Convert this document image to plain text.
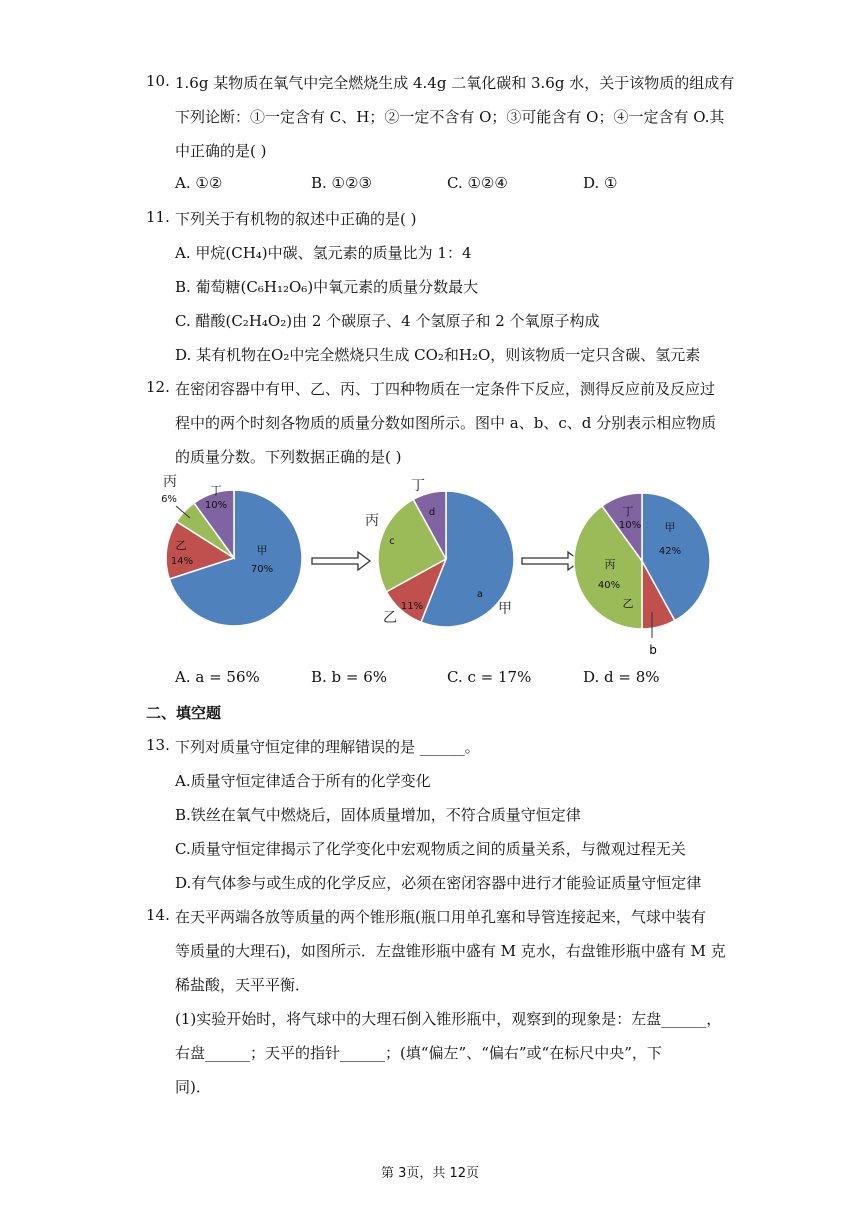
10. 1.6g 某物质在氧气中完全燃烧生成 4.4g 二氧化碳和 3.6g 水，关于该物质的组成有
下列论断：①一定含有 C、H；②一定不含有 O；③可能含有 O；④一定含有 O.其
中正确的是( )
A. ①②	B. ①②③	C. ①②④	D. ①
11. 下列关于有机物的叙述中正确的是( )
A. 甲烷(CH₄)中碳、氢元素的质量比为 1：4
B. 葡萄糖(C₆H₁₂O₆)中氧元素的质量分数最大
C. 醋酸(C₂H₄O₂)由 2 个碳原子、4 个氢原子和 2 个氧原子构成
D. 某有机物在O₂中完全燃烧只生成 CO₂和H₂O，则该物质一定只含碳、氢元素
12. 在密闭容器中有甲、乙、丙、丁四种物质在一定条件下反应，测得反应前及反应过
程中的两个时刻各物质的质量分数如图所示。图中 a、b、c、d 分别表示相应物质
的质量分数。下列数据正确的是( )
甲
乙
丙
丁
70%
14%
6%
10%
甲
乙
丙
丁
a
11%
c
d
甲
乙
丙
丁
42%
40%
10%
b
A. a = 56%	B. b = 6%	C. c = 17%	D. d = 8%
二、填空题
13. 下列对质量守恒定律的理解错误的是 ______。
A.质量守恒定律适合于所有的化学变化
B.铁丝在氧气中燃烧后，固体质量增加，不符合质量守恒定律
C.质量守恒定律揭示了化学变化中宏观物质之间的质量关系，与微观过程无关
D.有气体参与或生成的化学反应，必须在密闭容器中进行才能验证质量守恒定律
14. 在天平两端各放等质量的两个锥形瓶(瓶口用单孔塞和导管连接起来，气球中装有
等质量的大理石)，如图所示．左盘锥形瓶中盛有 M 克水，右盘锥形瓶中盛有 M 克
稀盐酸，天平平衡．
(1)实验开始时，将气球中的大理石倒入锥形瓶中，观察到的现象是：左盘______，
右盘______；天平的指针______；(填“偏左”、“偏右”或“在标尺中央”，下
同)．
第 3页，共 12页
